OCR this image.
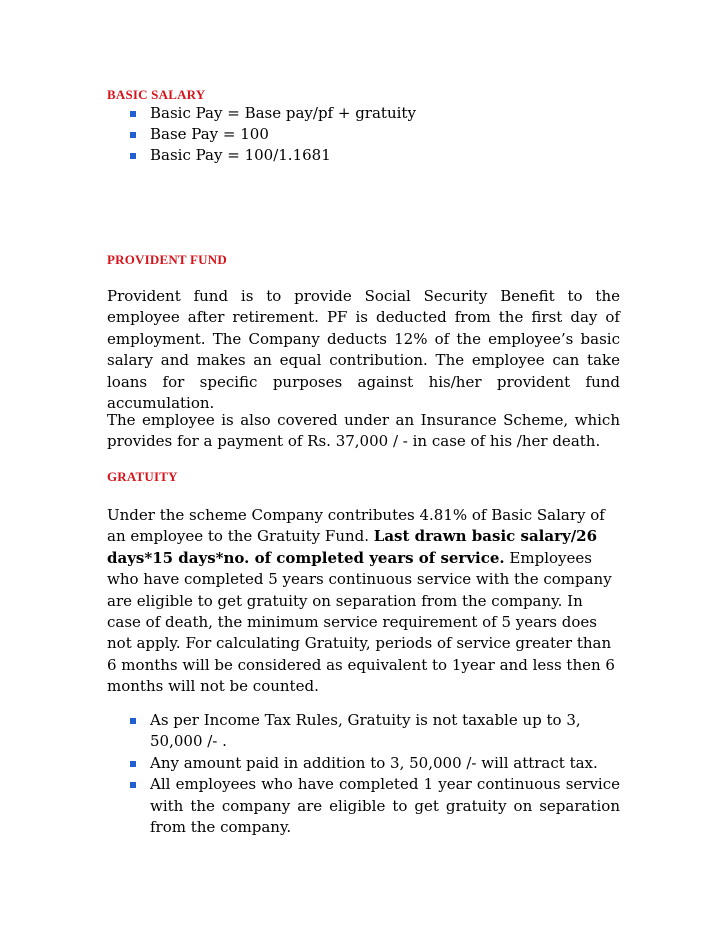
BASIC SALARY
Basic Pay = Base pay/pf + gratuity
Base Pay = 100
Basic Pay = 100/1.1681
PROVIDENT FUND
Provident fund is to provide Social Security Benefit to the employee after retirement. PF is deducted from the first day of employment. The Company deducts 12% of the employee’s basic salary and makes an equal contribution. The employee can take loans for specific purposes against his/her provident fund accumulation.
The employee is also covered under an Insurance Scheme, which provides for a payment of Rs. 37,000 / - in case of his /her death.
GRATUITY
Under the scheme Company contributes 4.81% of Basic Salary of an employee to the Gratuity Fund. Last drawn basic salary/26 days*15 days*no. of completed years of service. Employees who have completed 5 years continuous service with the company are eligible to get gratuity on separation from the company. In case of death, the minimum service requirement of 5 years does not apply. For calculating Gratuity, periods of service greater than 6 months will be considered as equivalent to 1year and less then 6 months will not be counted.
As per Income Tax Rules, Gratuity is not taxable up to 3, 50,000 /- .
Any amount paid in addition to 3, 50,000 /- will attract tax.
All employees who have completed 1 year continuous service with the company are eligible to get gratuity on separation from the company.
